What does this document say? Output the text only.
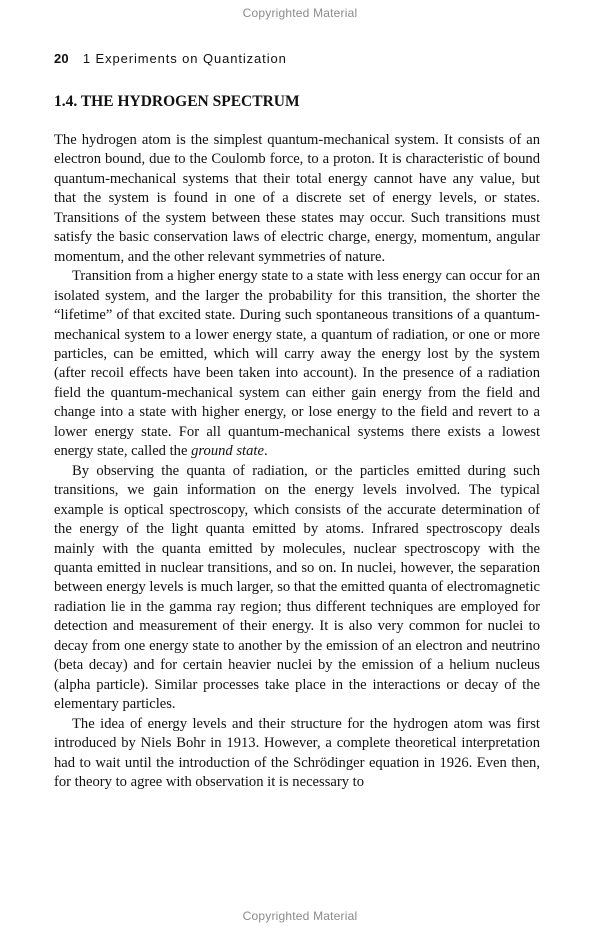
Copyrighted Material
20 1 Experiments on Quantization
1.4. THE HYDROGEN SPECTRUM

The hydrogen atom is the simplest quantum-mechanical system. It consists of an electron bound, due to the Coulomb force, to a proton. It is characteristic of bound quantum-mechanical systems that their total energy cannot have any value, but that the system is found in one of a discrete set of energy levels, or states. Transitions of the system between these states may occur. Such transitions must satisfy the basic conservation laws of electric charge, energy, momentum, angular momentum, and the other relevant symmetries of nature.

Transition from a higher energy state to a state with less energy can occur for an isolated system, and the larger the probability for this transition, the shorter the “lifetime” of that excited state. During such spontaneous transitions of a quantum-mechanical system to a lower energy state, a quantum of radiation, or one or more particles, can be emitted, which will carry away the energy lost by the system (after recoil effects have been taken into account). In the presence of a radiation field the quantum-mechanical system can either gain energy from the field and change into a state with higher energy, or lose energy to the field and revert to a lower energy state. For all quantum-mechanical systems there exists a lowest energy state, called the ground state.

By observing the quanta of radiation, or the particles emitted during such transitions, we gain information on the energy levels involved. The typical example is optical spectroscopy, which consists of the accurate determination of the energy of the light quanta emitted by atoms. Infrared spectroscopy deals mainly with the quanta emitted by molecules, nuclear spectroscopy with the quanta emitted in nuclear transitions, and so on. In nuclei, however, the separation between energy levels is much larger, so that the emitted quanta of electromagnetic radiation lie in the gamma ray region; thus different techniques are employed for detection and measurement of their energy. It is also very common for nuclei to decay from one energy state to another by the emission of an electron and neutrino (beta decay) and for certain heavier nuclei by the emission of a helium nucleus (alpha particle). Similar processes take place in the interactions or decay of the elementary particles.

The idea of energy levels and their structure for the hydrogen atom was first introduced by Niels Bohr in 1913. However, a complete theoretical interpretation had to wait until the introduction of the Schrödinger equation in 1926. Even then, for theory to agree with observation it is necessary to

Copyrighted Material
